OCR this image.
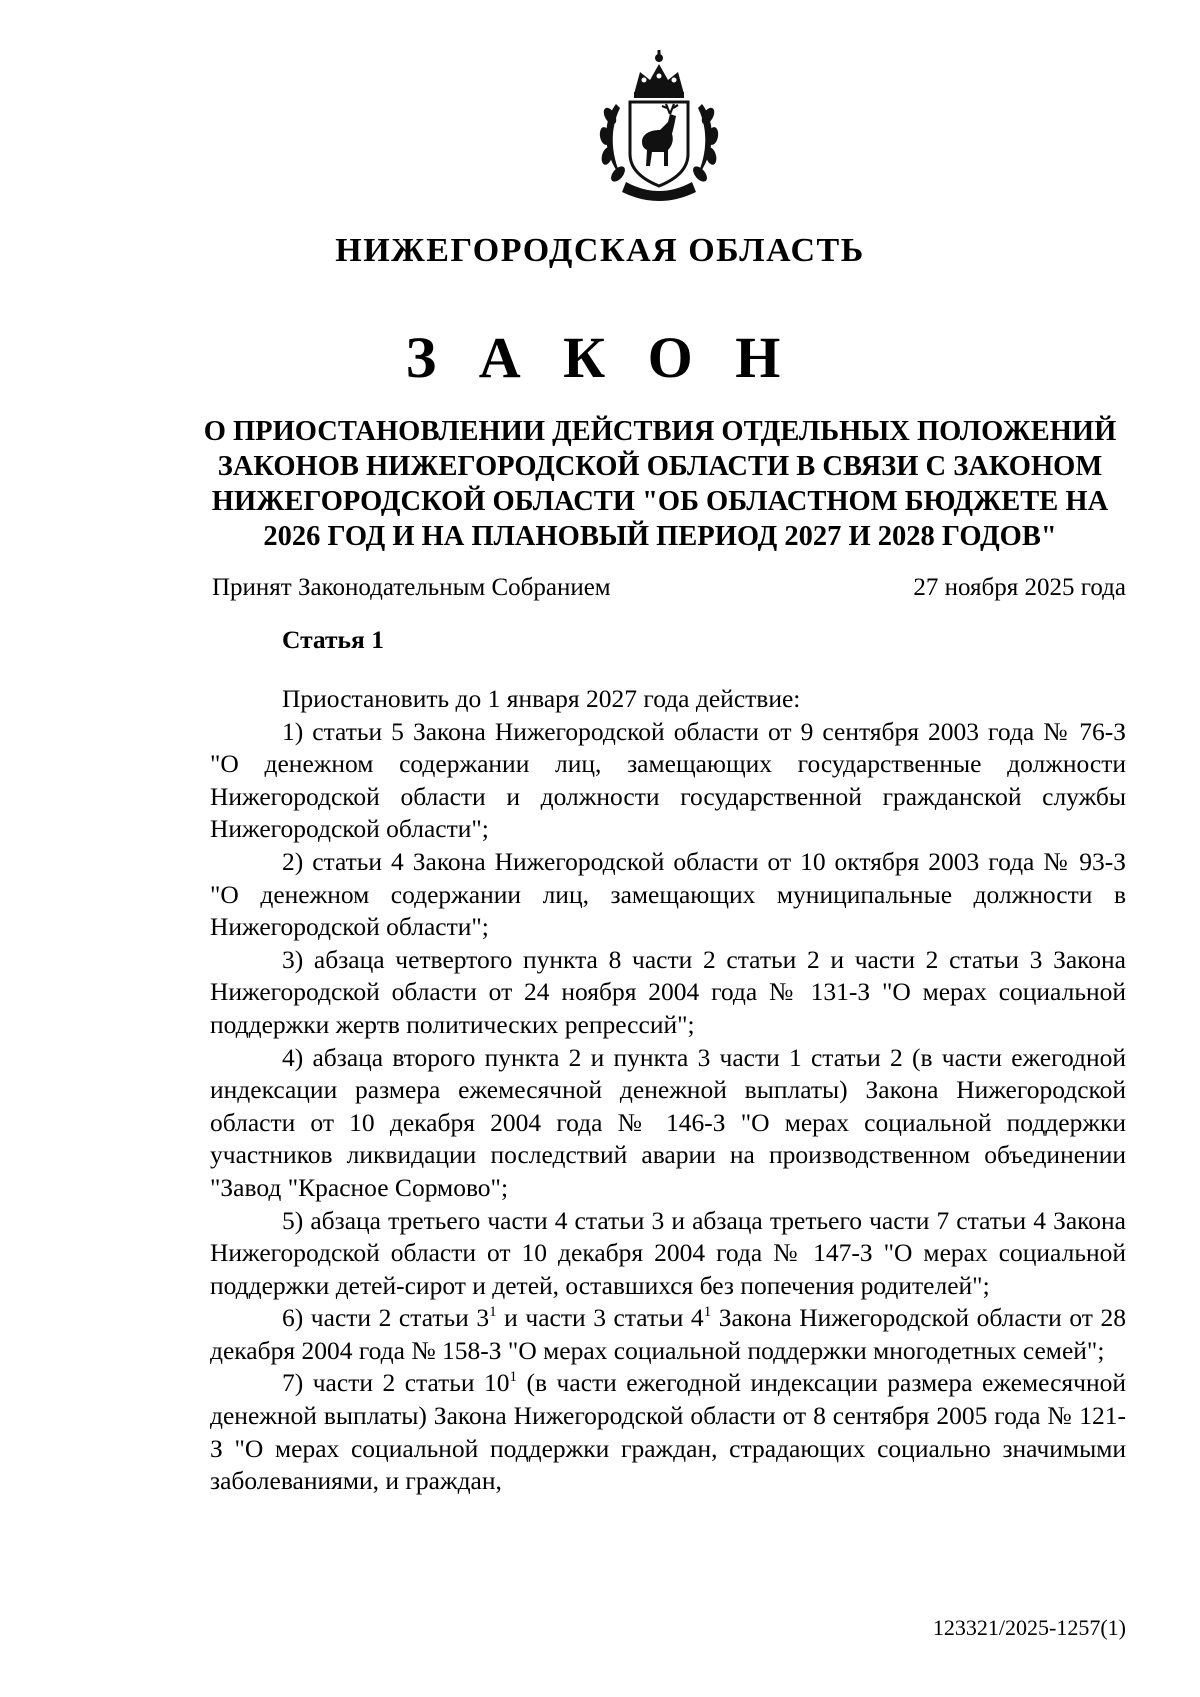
НИЖЕГОРОДСКАЯ ОБЛАСТЬ
З А К О Н
О ПРИОСТАНОВЛЕНИИ ДЕЙСТВИЯ ОТДЕЛЬНЫХ ПОЛОЖЕНИЙ
ЗАКОНОВ НИЖЕГОРОДСКОЙ ОБЛАСТИ В СВЯЗИ С ЗАКОНОМ
НИЖЕГОРОДСКОЙ ОБЛАСТИ "ОБ ОБЛАСТНОМ БЮДЖЕТЕ НА
2026 ГОД И НА ПЛАНОВЫЙ ПЕРИОД 2027 И 2028 ГОДОВ"
Принят Законодательным Собранием	27 ноября 2025 года
Статья 1

Приостановить до 1 января 2027 года действие:

1) статьи 5 Закона Нижегородской области от 9 сентября 2003 года № 76-З "О денежном содержании лиц, замещающих государственные должности Нижегородской области и должности государственной гражданской службы Нижегородской области";

2) статьи 4 Закона Нижегородской области от 10 октября 2003 года № 93-З "О денежном содержании лиц, замещающих муниципальные должности в Нижегородской области";

3) абзаца четвертого пункта 8 части 2 статьи 2 и части 2 статьи 3 Закона Нижегородской области от 24 ноября 2004 года № 131-З "О мерах социальной поддержки жертв политических репрессий";

4) абзаца второго пункта 2 и пункта 3 части 1 статьи 2 (в части ежегодной индексации размера ежемесячной денежной выплаты) Закона Нижегородской области от 10 декабря 2004 года № 146-З "О мерах социальной поддержки участников ликвидации последствий аварии на производственном объединении "Завод "Красное Сормово";

5) абзаца третьего части 4 статьи 3 и абзаца третьего части 7 статьи 4 Закона Нижегородской области от 10 декабря 2004 года № 147-З "О мерах социальной поддержки детей-сирот и детей, оставшихся без попечения родителей";

6) части 2 статьи $3^1$ и части 3 статьи $4^1$ Закона Нижегородской области от 28 декабря 2004 года № 158-З "О мерах социальной поддержки многодетных семей";

7) части 2 статьи $10^1$ (в части ежегодной индексации размера ежемесячной денежной выплаты) Закона Нижегородской области от 8 сентября 2005 года № 121-З "О мерах социальной поддержки граждан, страдающих социально значимыми заболеваниями, и граждан,

123321/2025-1257(1)
